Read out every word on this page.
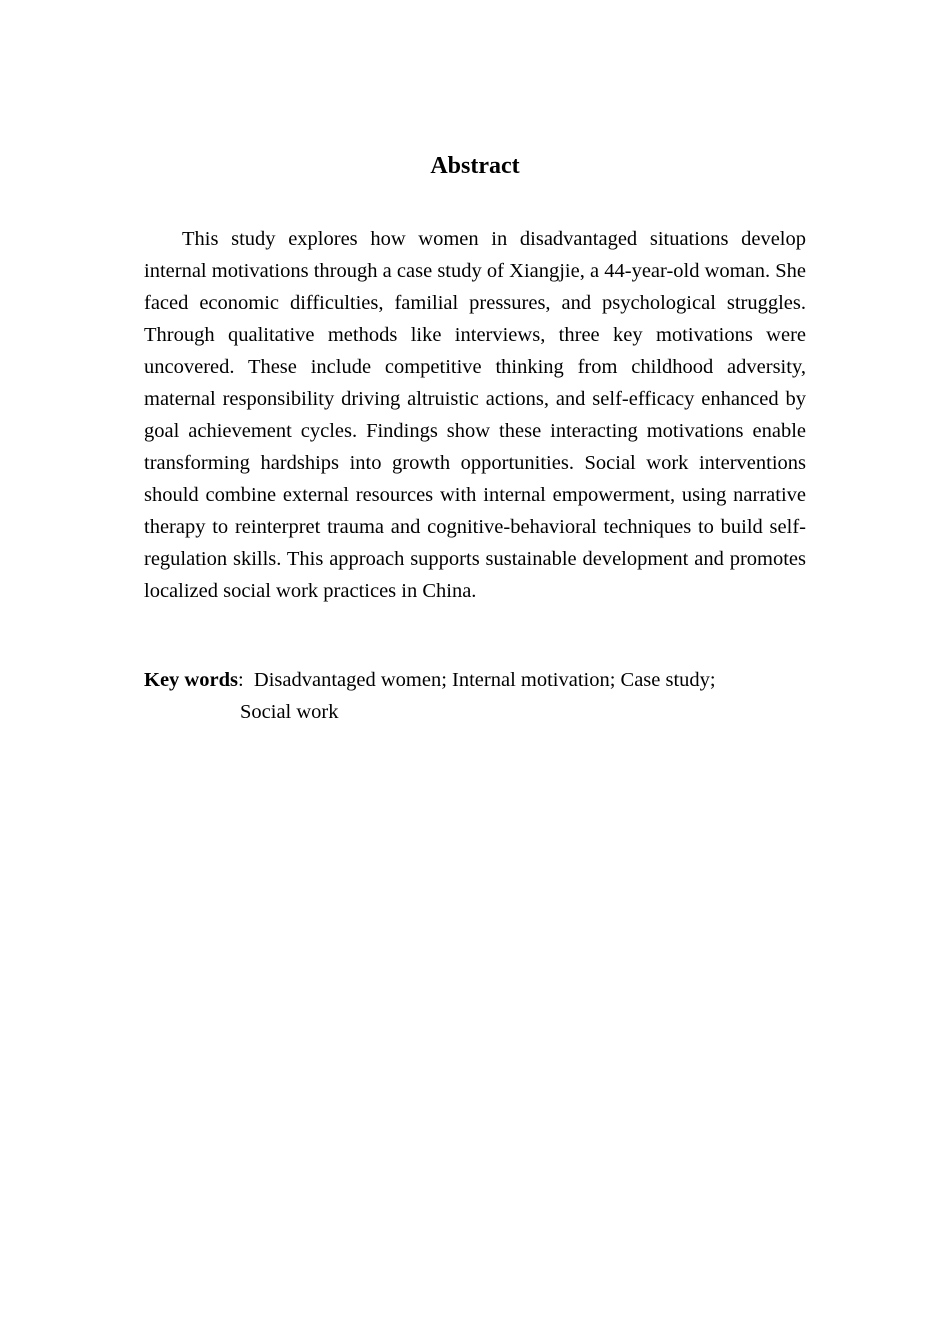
Abstract

This study explores how women in disadvantaged situations develop internal motivations through a case study of Xiangjie, a 44-year-old woman. She faced economic difficulties, familial pressures, and psychological struggles. Through qualitative methods like interviews, three key motivations were uncovered. These include competitive thinking from childhood adversity, maternal responsibility driving altruistic actions, and self-efficacy enhanced by goal achievement cycles. Findings show these interacting motivations enable transforming hardships into growth opportunities. Social work interventions should combine external resources with internal empowerment, using narrative therapy to reinterpret trauma and cognitive-behavioral techniques to build self-regulation skills. This approach supports sustainable development and promotes localized social work practices in China.

Key words:  Disadvantaged women; Internal motivation; Case study;
Social work
